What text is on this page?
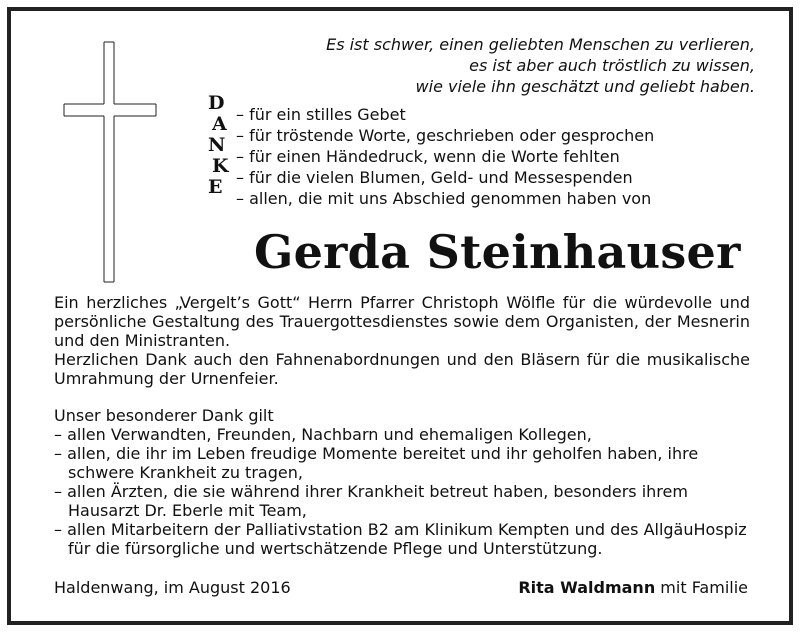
Es ist schwer, einen geliebten Menschen zu verlieren,
es ist aber auch tröstlich zu wissen,
wie viele ihn geschätzt und geliebt haben.
D
A
N
K
E
– für ein stilles Gebet
– für tröstende Worte, geschrieben oder gesprochen
– für einen Händedruck, wenn die Worte fehlten
– für die vielen Blumen, Geld- und Messespenden
– allen, die mit uns Abschied genommen haben von
Gerda Steinhauser

Ein herzliches „Vergelt’s Gott“ Herrn Pfarrer Christoph Wölfle für die würdevolle und persönliche Gestaltung des Trauergottesdienstes sowie dem Organisten, der Mesnerin und den Ministranten.

Herzlichen Dank auch den Fahnenabordnungen und den Bläsern für die musikalische Umrahmung der Urnenfeier.

Unser besonderer Dank gilt

– allen Verwandten, Freunden, Nachbarn und ehemaligen Kollegen,

– allen, die ihr im Leben freudige Momente bereitet und ihr geholfen haben, ihre schwere Krankheit zu tragen,

– allen Ärzten, die sie während ihrer Krankheit betreut haben, besonders ihrem Hausarzt Dr. Eberle mit Team,

– allen Mitarbeitern der Palliativstation B2 am Klinikum Kempten und des AllgäuHospiz für die fürsorgliche und wertschätzende Pflege und Unterstützung.

Haldenwang, im August 2016	Rita Waldmann mit Familie
